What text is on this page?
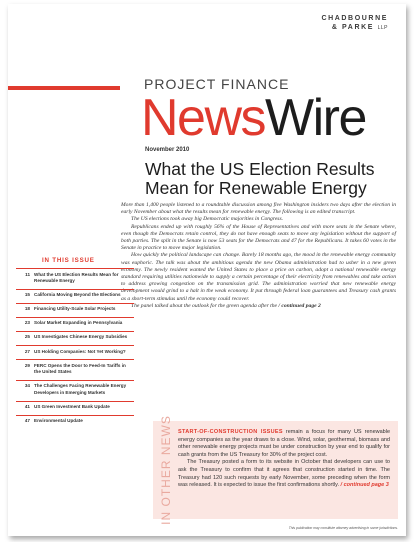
CHADBOURNE
& PARKE LLP
PROJECT FINANCE
NewsWire
November 2010
What the US Election Results Mean for Renewable Energy

More than 1,400 people listened to a roundtable discussion among five Washington insiders two days after the election in early November about what the results mean for renewable energy. The following is an edited transcript.

The US elections took away big Democratic majorities in Congress.

Republicans ended up with roughly 56% of the House of Representatives and with more seats in the Senate where, even though the Democrats retain control, they do not have enough seats to move any legislation without the support of both parties. The split in the Senate is now 53 seats for the Democrats and 47 for the Republicans. It takes 60 votes in the Senate in practice to move major legislation.

How quickly the political landscape can change. Barely 18 months ago, the mood in the renewable energy community was euphoric. The talk was about the ambitious agenda the new Obama administration had to usher in a new green economy. The newly resident wanted the United States to place a price on carbon, adopt a national renewable energy standard requiring utilities nationwide to supply a certain percentage of their electricity from renewables and take action to address growing congestion on the transmission grid. The administration worried that new renewable energy development would grind to a halt in the weak economy. It put through federal loan guarantees and Treasury cash grants as a short-term stimulus until the economy could recover.

The panel talked about the outlook for the green agenda after the / continued page 2

IN THIS ISSUE
11 What the US Election Results Mean for Renewable Energy
15 California Moving Beyond the Elections
18 Financing Utility-Scale Solar Projects
23 Solar Market Expanding in Pennsylvania
25 US Investigates Chinese Energy Subsidies
27 US Holding Companies: Not Yet Working?
29 FERC Opens the Door to Feed-In Tariffs in the United States
34 The Challenges Facing Renewable Energy Developers in Emerging Markets
41 US Green Investment Bank Update
47 Environmental Update	IN OTHER NEWS START-OF-CONSTRUCTION ISSUES remain a focus for many US renewable energy companies as the year draws to a close. Wind, solar, geothermal, biomass and other renewable energy projects must be under construction by year end to qualify for cash grants from the US Treasury for 30% of the project cost.

The Treasury posted a form to its website in October that developers can use to ask the Treasury to confirm that it agrees that construction started in time. The Treasury had 120 such requests by early November, some preceding when the form was released. It is expected to issue the first confirmations shortly. / continued page 3

This publication may constitute attorney advertising in some jurisdictions.
